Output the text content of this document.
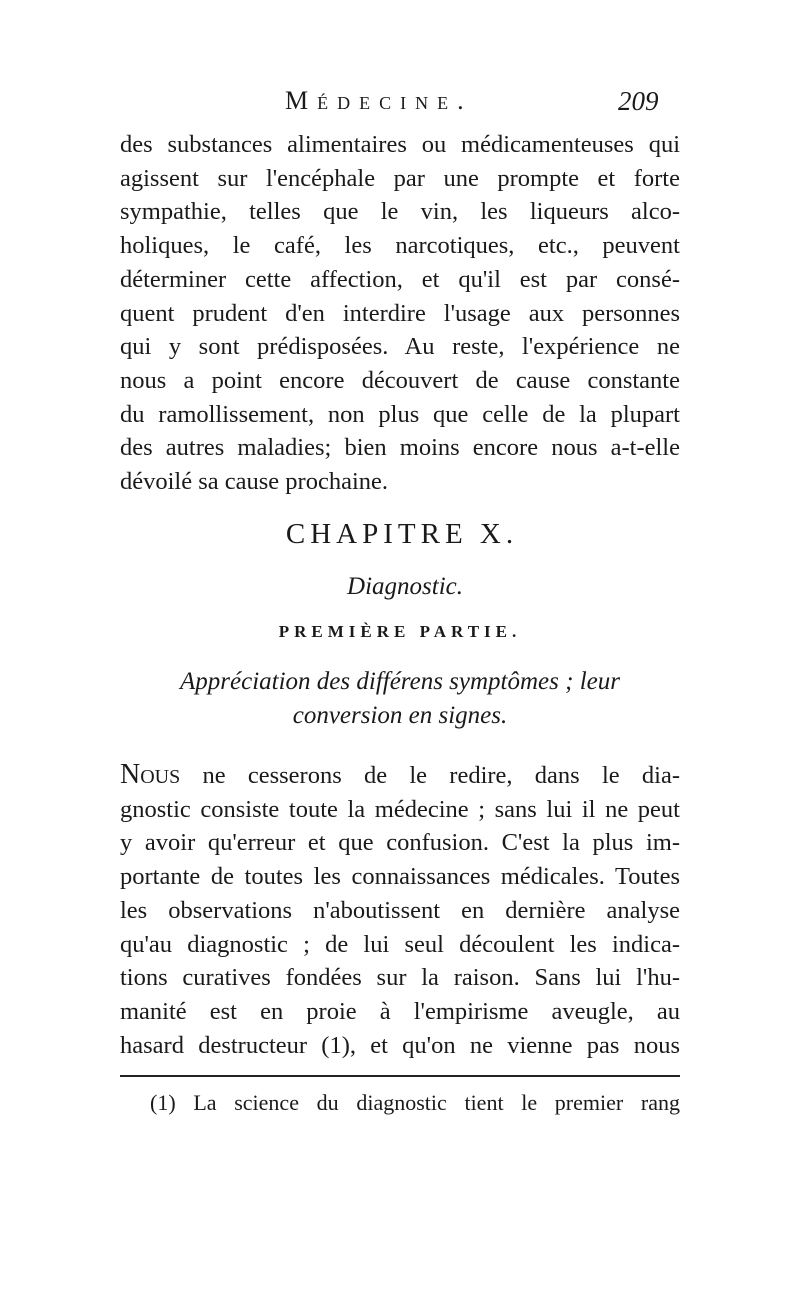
Médecine.	209
des substances alimentaires ou médicamenteuses qui
agissent sur l'encéphale par une prompte et forte
sympathie, telles que le vin, les liqueurs alco-
holiques, le café, les narcotiques, etc., peuvent
déterminer cette affection, et qu'il est par consé-
quent prudent d'en interdire l'usage aux personnes
qui y sont prédisposées. Au reste, l'expérience ne
nous a point encore découvert de cause constante
du ramollissement, non plus que celle de la plupart
des autres maladies; bien moins encore nous a-t-elle
dévoilé sa cause prochaine.
CHAPITRE X.
Diagnostic.
PREMIÈRE PARTIE.
Appréciation des différens symptômes ; leur
conversion en signes.
Nous ne cesserons de le redire, dans le dia-
gnostic consiste toute la médecine ; sans lui il ne peut
y avoir qu'erreur et que confusion. C'est la plus im-
portante de toutes les connaissances médicales. Toutes
les observations n'aboutissent en dernière analyse
qu'au diagnostic ; de lui seul découlent les indica-
tions curatives fondées sur la raison. Sans lui l'hu-
manité est en proie à l'empirisme aveugle, au
hasard destructeur (1), et qu'on ne vienne pas nous
(1) La science du diagnostic tient le premier rang
